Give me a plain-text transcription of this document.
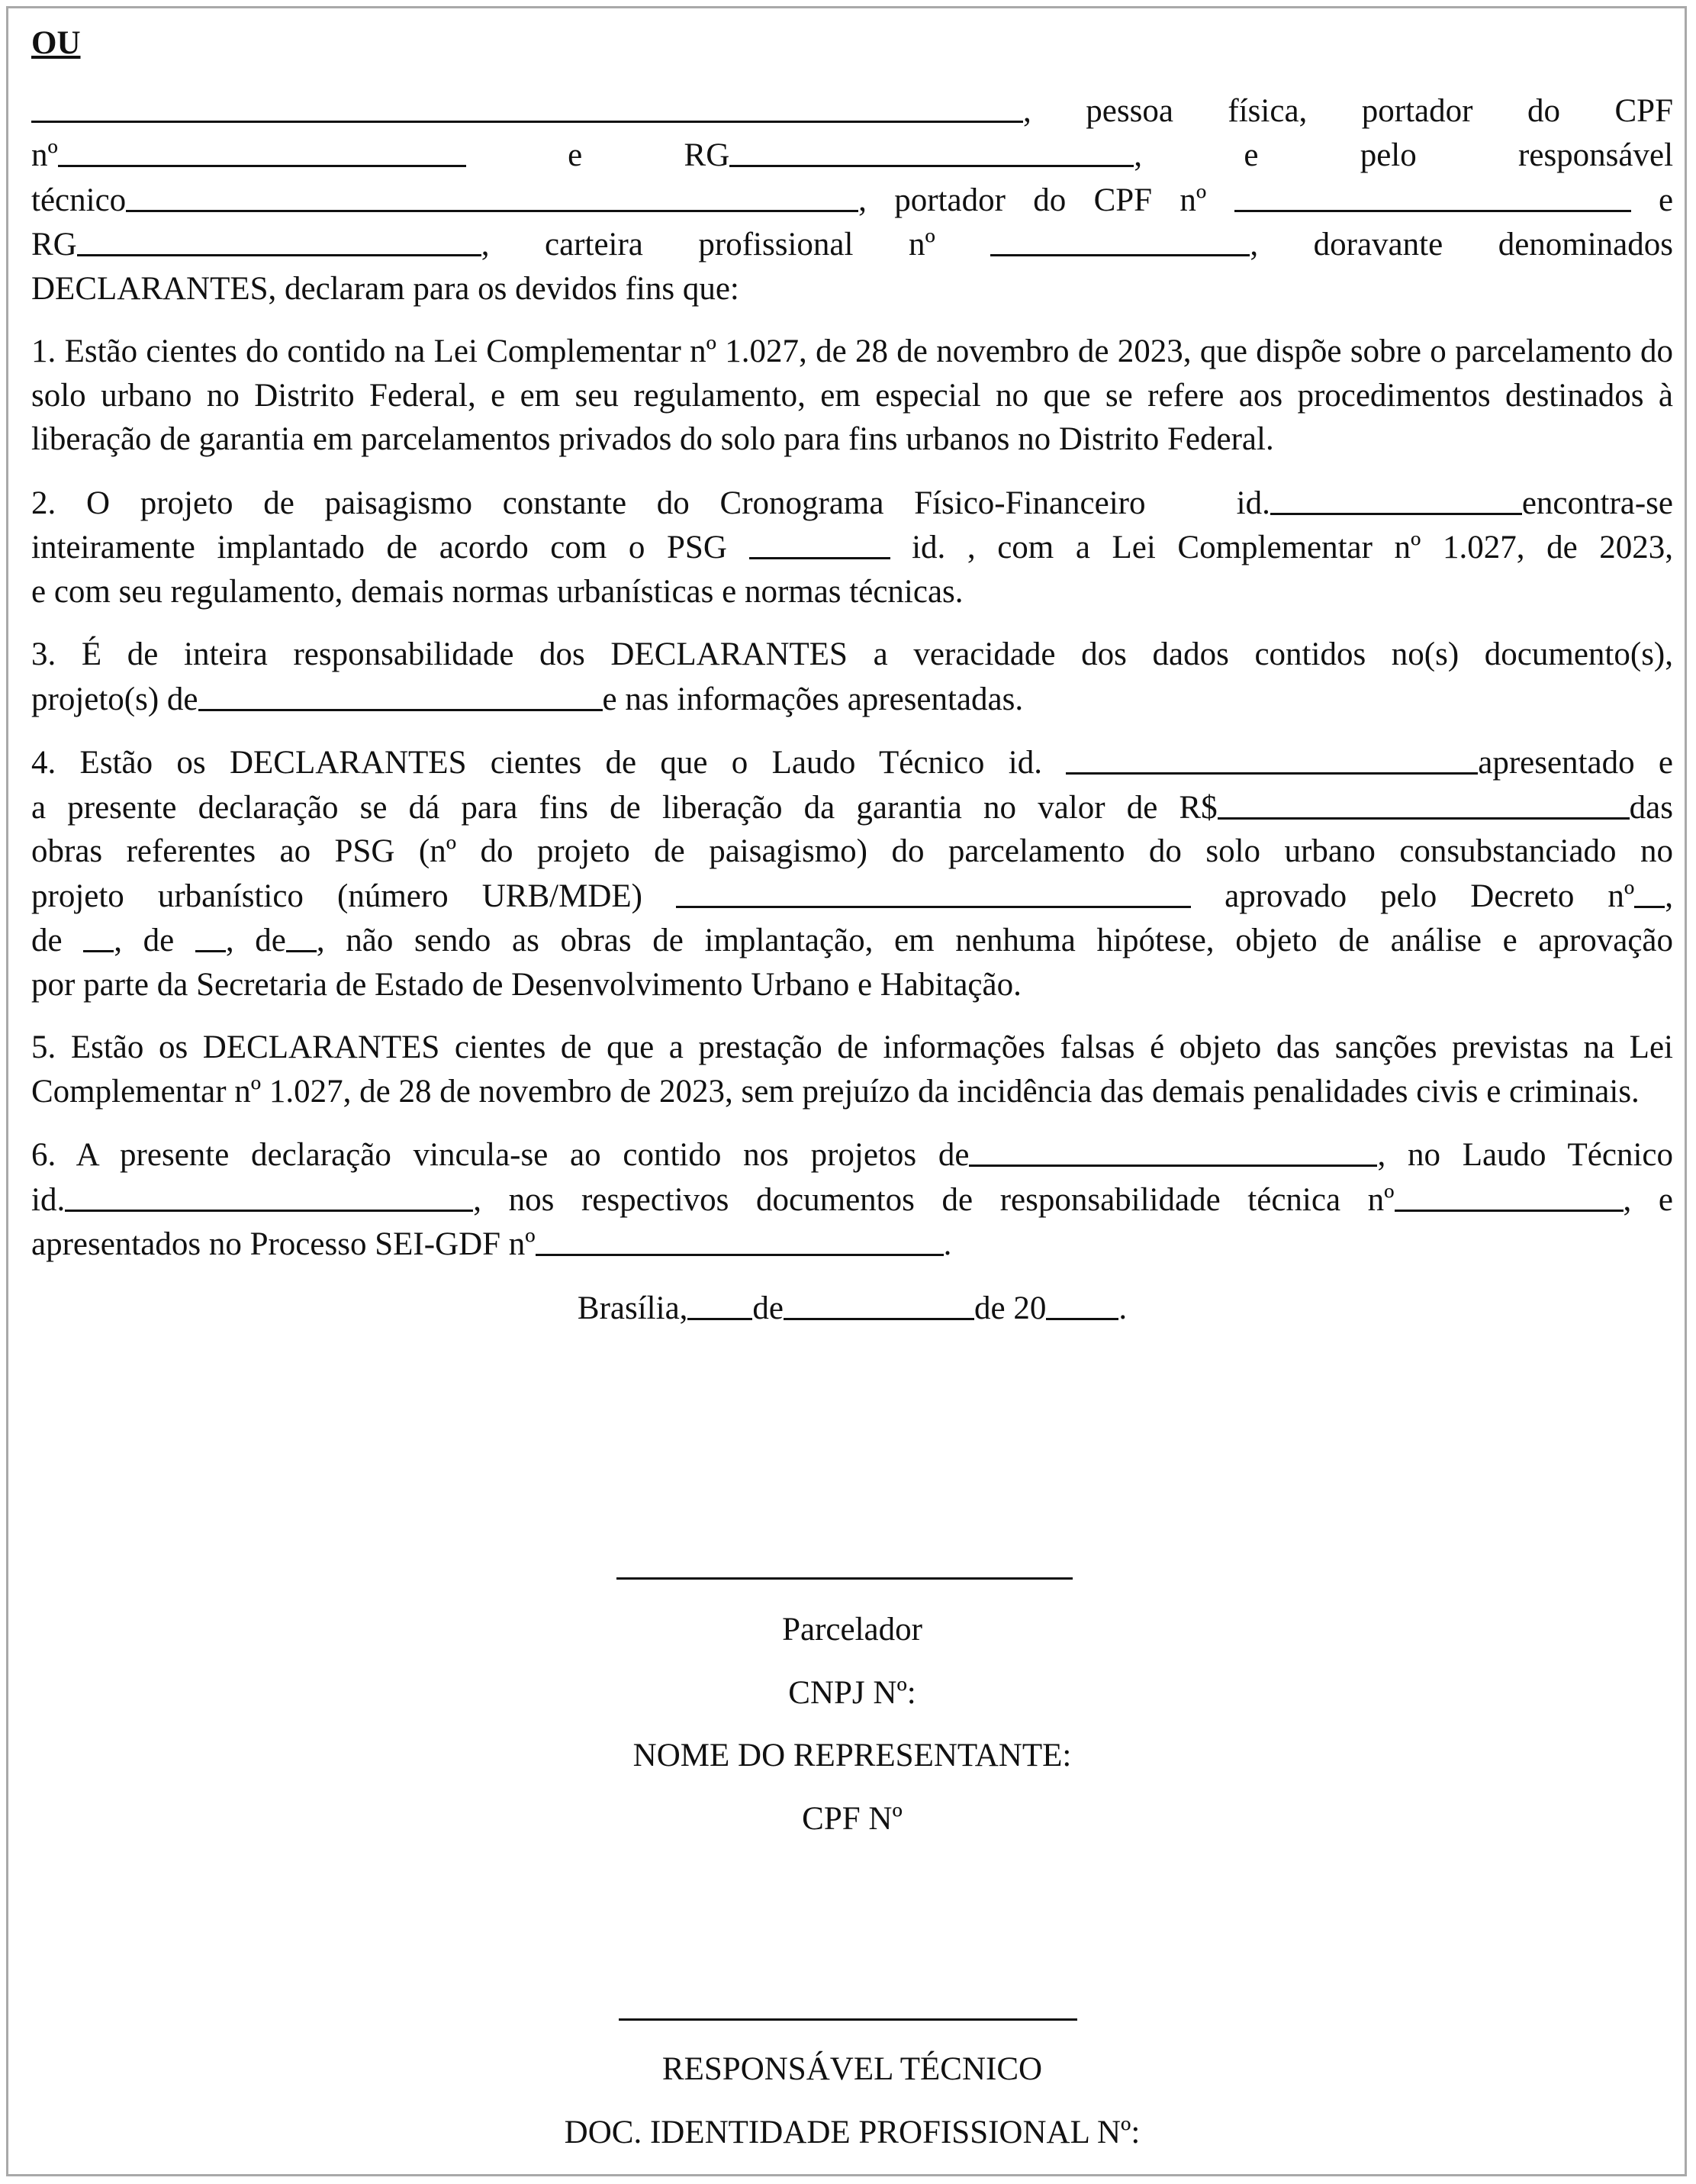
OU
, pessoa física, portador do CPF
nº	e	RG	,	e	pelo	responsável
técnico	, portador do CPF nº	e
RG	, carteira profissional nº	, doravante denominados
DECLARANTES, declaram para os devidos fins que:
1. Estão cientes do contido na Lei Complementar nº 1.027, de 28 de novembro de 2023, que dispõe sobre o parcelamento do solo urbano no Distrito Federal, e em seu regulamento, em especial no que se refere aos procedimentos destinados à liberação de garantia em parcelamentos privados do solo para fins urbanos no Distrito Federal.
2. O projeto de paisagismo constante do Cronograma Físico-Financeiro   id.	encontra-se
inteiramente implantado de acordo com o PSG	id. , com a Lei Complementar nº 1.027, de 2023,
e com seu regulamento, demais normas urbanísticas e normas técnicas.
3. É de inteira responsabilidade dos DECLARANTES a veracidade dos dados contidos no(s) documento(s),
projeto(s) de	e nas informações apresentadas.
4. Estão os DECLARANTES cientes de que o Laudo Técnico id.	apresentado e
a presente declaração se dá para fins de liberação da garantia no valor de R$	das
obras referentes ao PSG (nº do projeto de paisagismo) do parcelamento do solo urbano consubstanciado no
projeto urbanístico (número URB/MDE)	aprovado pelo Decreto nº ,
de , de , de , não sendo as obras de implantação, em nenhuma hipótese, objeto de análise e aprovação
por parte da Secretaria de Estado de Desenvolvimento Urbano e Habitação.
5. Estão os DECLARANTES cientes de que a prestação de informações falsas é objeto das sanções previstas na Lei Complementar nº 1.027, de 28 de novembro de 2023, sem prejuízo da incidência das demais penalidades civis e criminais.
6. A presente declaração vincula-se ao contido nos projetos de	, no Laudo Técnico
id.	, nos respectivos documentos de responsabilidade técnica nº	, e
apresentados no Processo SEI-GDF nº	.
Brasília, de	de 20 .
Parcelador
CNPJ Nº:
NOME DO REPRESENTANTE:
CPF Nº
RESPONSÁVEL TÉCNICO
DOC. IDENTIDADE PROFISSIONAL Nº:
